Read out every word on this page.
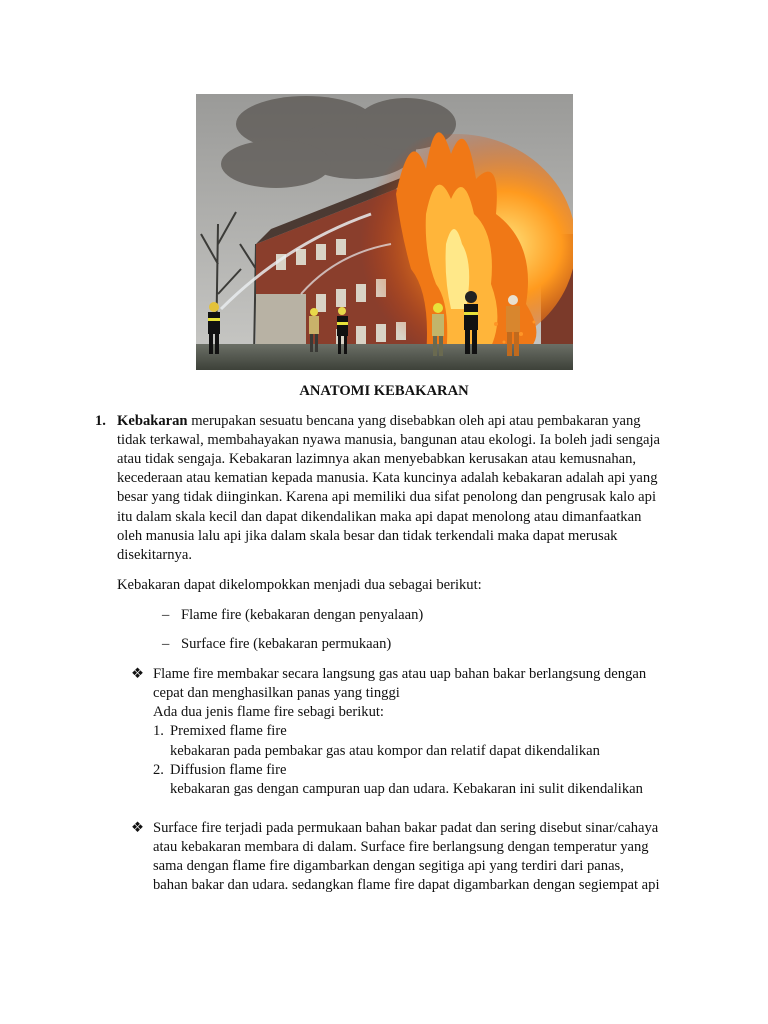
ANATOMI KEBAKARAN
1. Kebakaran merupakan sesuatu bencana yang disebabkan oleh api atau pembakaran yang
tidak terkawal, membahayakan nyawa manusia, bangunan atau ekologi. Ia boleh jadi sengaja
atau tidak sengaja. Kebakaran lazimnya akan menyebabkan kerusakan atau kemusnahan,
kecederaan atau kematian kepada manusia. Kata kuncinya adalah kebakaran adalah api yang
besar yang tidak diinginkan. Karena api memiliki dua sifat penolong dan pengrusak kalo api
itu dalam skala kecil dan dapat dikendalikan maka api dapat menolong atau dimanfaatkan
oleh manusia lalu api jika dalam skala besar dan tidak terkendali maka dapat merusak
disekitarnya.
Kebakaran dapat dikelompokkan menjadi dua sebagai berikut:
– Flame fire (kebakaran dengan penyalaan)
– Surface fire (kebakaran permukaan)
❖ Flame fire membakar secara langsung gas atau uap bahan bakar berlangsung dengan
cepat dan menghasilkan panas yang tinggi
Ada dua jenis flame fire sebagi berikut:
1. Premixed flame fire
kebakaran pada pembakar gas atau kompor dan relatif dapat dikendalikan
2. Diffusion flame fire
kebakaran gas dengan campuran uap dan udara. Kebakaran ini sulit dikendalikan
❖ Surface fire terjadi pada permukaan bahan bakar padat dan sering disebut sinar/cahaya
atau kebakaran membara di dalam. Surface fire berlangsung dengan temperatur yang
sama dengan flame fire digambarkan dengan segitiga api yang terdiri dari panas,
bahan bakar dan udara. sedangkan flame fire dapat digambarkan dengan segiempat api
